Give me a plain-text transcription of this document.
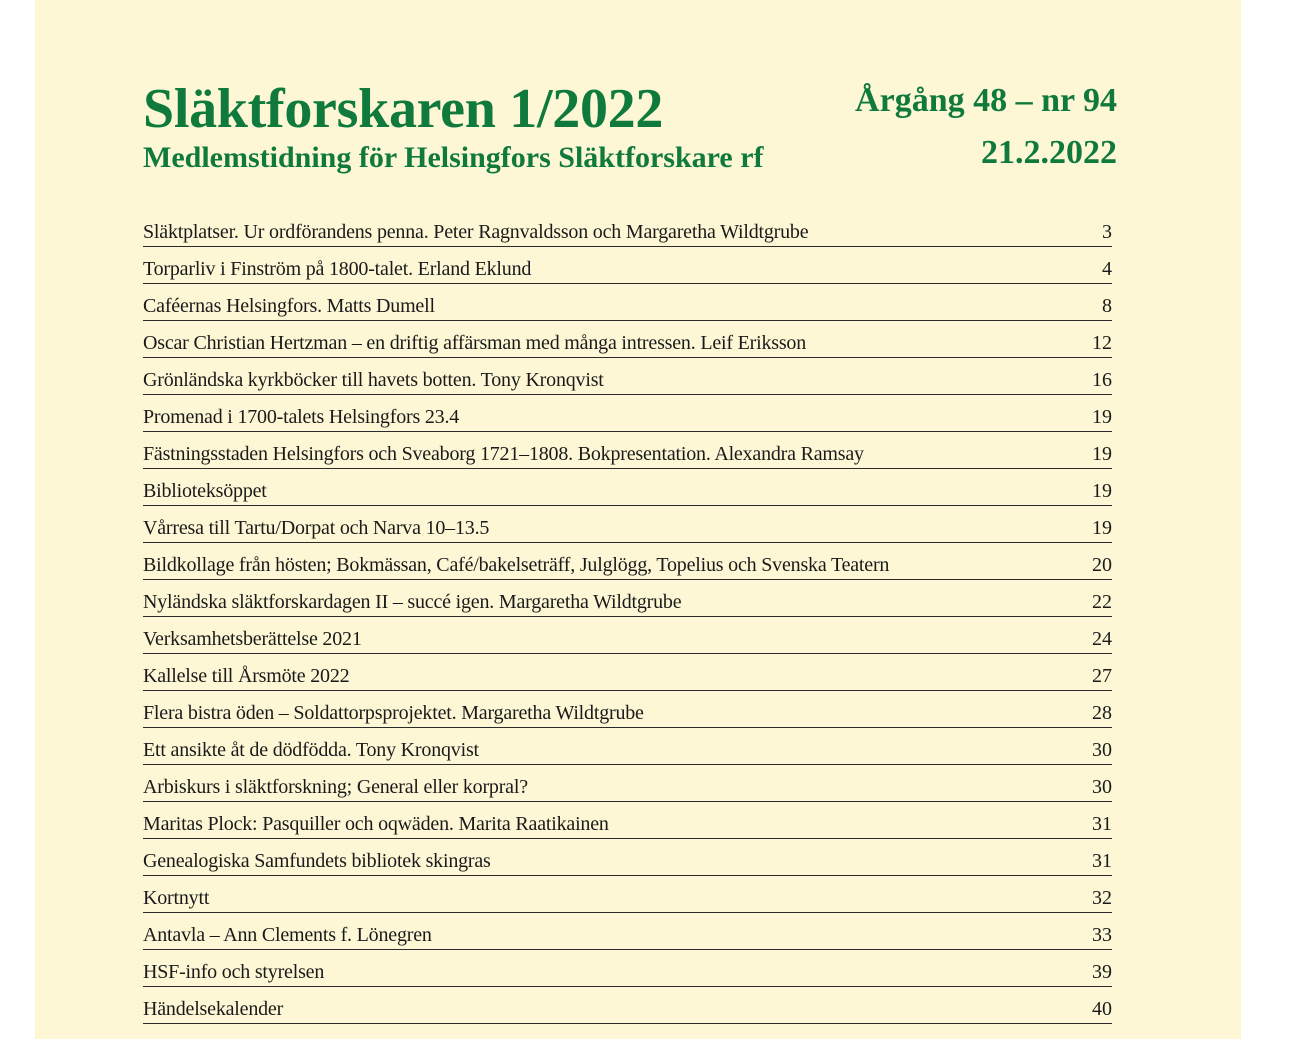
Släktforskaren 1/2022
Medlemstidning för Helsingfors Släktforskare rf
Årgång 48 – nr 94
21.2.2022
Släktplatser. Ur ordförandens penna. Peter Ragnvaldsson och Margaretha Wildtgrube	3
Torparliv i Finström på 1800-talet. Erland Eklund	4
Caféernas Helsingfors. Matts Dumell	8
Oscar Christian Hertzman – en driftig affärsman med många intressen. Leif Eriksson	12
Grönländska kyrkböcker till havets botten. Tony Kronqvist	16
Promenad i 1700-talets Helsingfors 23.4	19
Fästningsstaden Helsingfors och Sveaborg 1721–1808. Bokpresentation. Alexandra Ramsay	19
Biblioteksöppet	19
Vårresa till Tartu/Dorpat och Narva 10–13.5	19
Bildkollage från hösten; Bokmässan, Café/bakelseträff, Julglögg, Topelius och Svenska Teatern	20
Nyländska släktforskardagen II – succé igen. Margaretha Wildtgrube	22
Verksamhetsberättelse 2021	24
Kallelse till Årsmöte 2022	27
Flera bistra öden – Soldattorpsprojektet. Margaretha Wildtgrube	28
Ett ansikte åt de dödfödda. Tony Kronqvist	30
Arbiskurs i släktforskning; General eller korpral?	30
Maritas Plock: Pasquiller och oqwäden. Marita Raatikainen	31
Genealogiska Samfundets bibliotek skingras	31
Kortnytt	32
Antavla – Ann Clements f. Lönegren	33
HSF-info och styrelsen	39
Händelsekalender	40
